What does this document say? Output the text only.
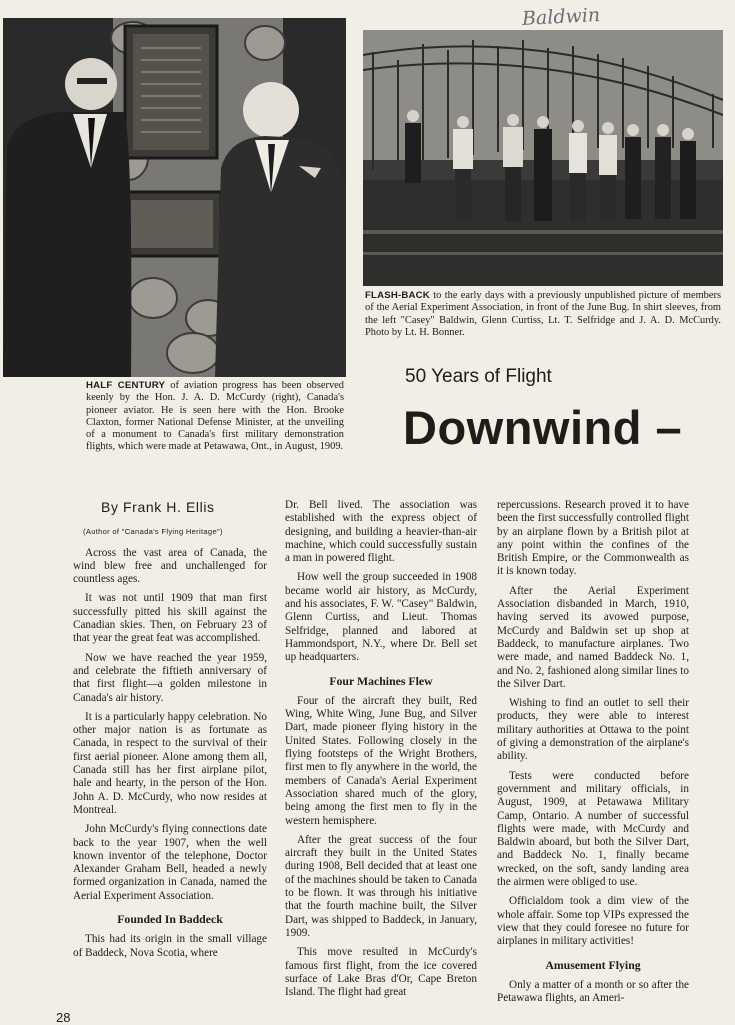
Baldwin

FLASH-BACK to the early days with a previously unpublished picture of members of the Aerial Experiment Association, in front of the June Bug. In shirt sleeves, from the left "Casey" Baldwin, Glenn Curtiss, Lt. T. Selfridge and J. A. D. McCurdy. Photo by Lt. H. Bonner.

HALF CENTURY of aviation progress has been observed keenly by the Hon. J. A. D. McCurdy (right), Canada's pioneer aviator. He is seen here with the Hon. Brooke Claxton, former National Defense Minister, at the unveiling of a monument to Canada's first military demonstration flights, which were made at Petawawa, Ont., in August, 1909.

50 Years of Flight
Downwind –
By Frank H. Ellis
(Author of "Canada's Flying Heritage")

Across the vast area of Canada, the wind blew free and unchallenged for countless ages.

It was not until 1909 that man first successfully pitted his skill against the Canadian skies. Then, on February 23 of that year the great feat was accomplished.

Now we have reached the year 1959, and celebrate the fiftieth anniversary of that first flight—a golden milestone in Canada's air history.

It is a particularly happy celebration. No other major nation is as fortunate as Canada, in respect to the survival of their first aerial pioneer. Alone among them all, Canada still has her first airplane pilot, hale and hearty, in the person of the Hon. John A. D. McCurdy, who now resides at Montreal.

John McCurdy's flying connections date back to the year 1907, when the well known inventor of the telephone, Doctor Alexander Graham Bell, headed a newly formed organization in Canada, named the Aerial Experiment Association.

Founded In Baddeck

This had its origin in the small village of Baddeck, Nova Scotia, where

Dr. Bell lived. The association was established with the express object of designing, and building a heavier-than-air machine, which could successfully sustain a man in powered flight.

How well the group succeeded in 1908 became world air history, as McCurdy, and his associates, F. W. "Casey" Baldwin, Glenn Curtiss, and Lieut. Thomas Selfridge, planned and labored at Hammondsport, N.Y., where Dr. Bell set up headquarters.

Four Machines Flew

Four of the aircraft they built, Red Wing, White Wing, June Bug, and Silver Dart, made pioneer flying history in the United States. Following closely in the flying footsteps of the Wright Brothers, first men to fly anywhere in the world, the members of Canada's Aerial Experiment Association shared much of the glory, being among the first men to fly in the western hemisphere.

After the great success of the four aircraft they built in the United States during 1908, Bell decided that at least one of the machines should be taken to Canada to be flown. It was through his initiative that the fourth machine built, the Silver Dart, was shipped to Baddeck, in January, 1909.

This move resulted in McCurdy's famous first flight, from the ice covered surface of Lake Bras d'Or, Cape Breton Island. The flight had great

repercussions. Research proved it to have been the first successfully controlled flight by an airplane flown by a British pilot at any point within the confines of the British Empire, or the Commonwealth as it is known today.

After the Aerial Experiment Association disbanded in March, 1910, having served its avowed purpose, McCurdy and Baldwin set up shop at Baddeck, to manufacture airplanes. Two were made, and named Baddeck No. 1, and No. 2, fashioned along similar lines to the Silver Dart.

Wishing to find an outlet to sell their products, they were able to interest military authorities at Ottawa to the point of giving a demonstration of the airplane's ability.

Tests were conducted before government and military officials, in August, 1909, at Petawawa Military Camp, Ontario. A number of successful flights were made, with McCurdy and Baldwin aboard, but both the Silver Dart, and Baddeck No. 1, finally became wrecked, on the soft, sandy landing area the airmen were obliged to use.

Officialdom took a dim view of the whole affair. Some top VIPs expressed the view that they could foresee no future for airplanes in military activities!

Amusement Flying

Only a matter of a month or so after the Petawawa flights, an Ameri-

28
